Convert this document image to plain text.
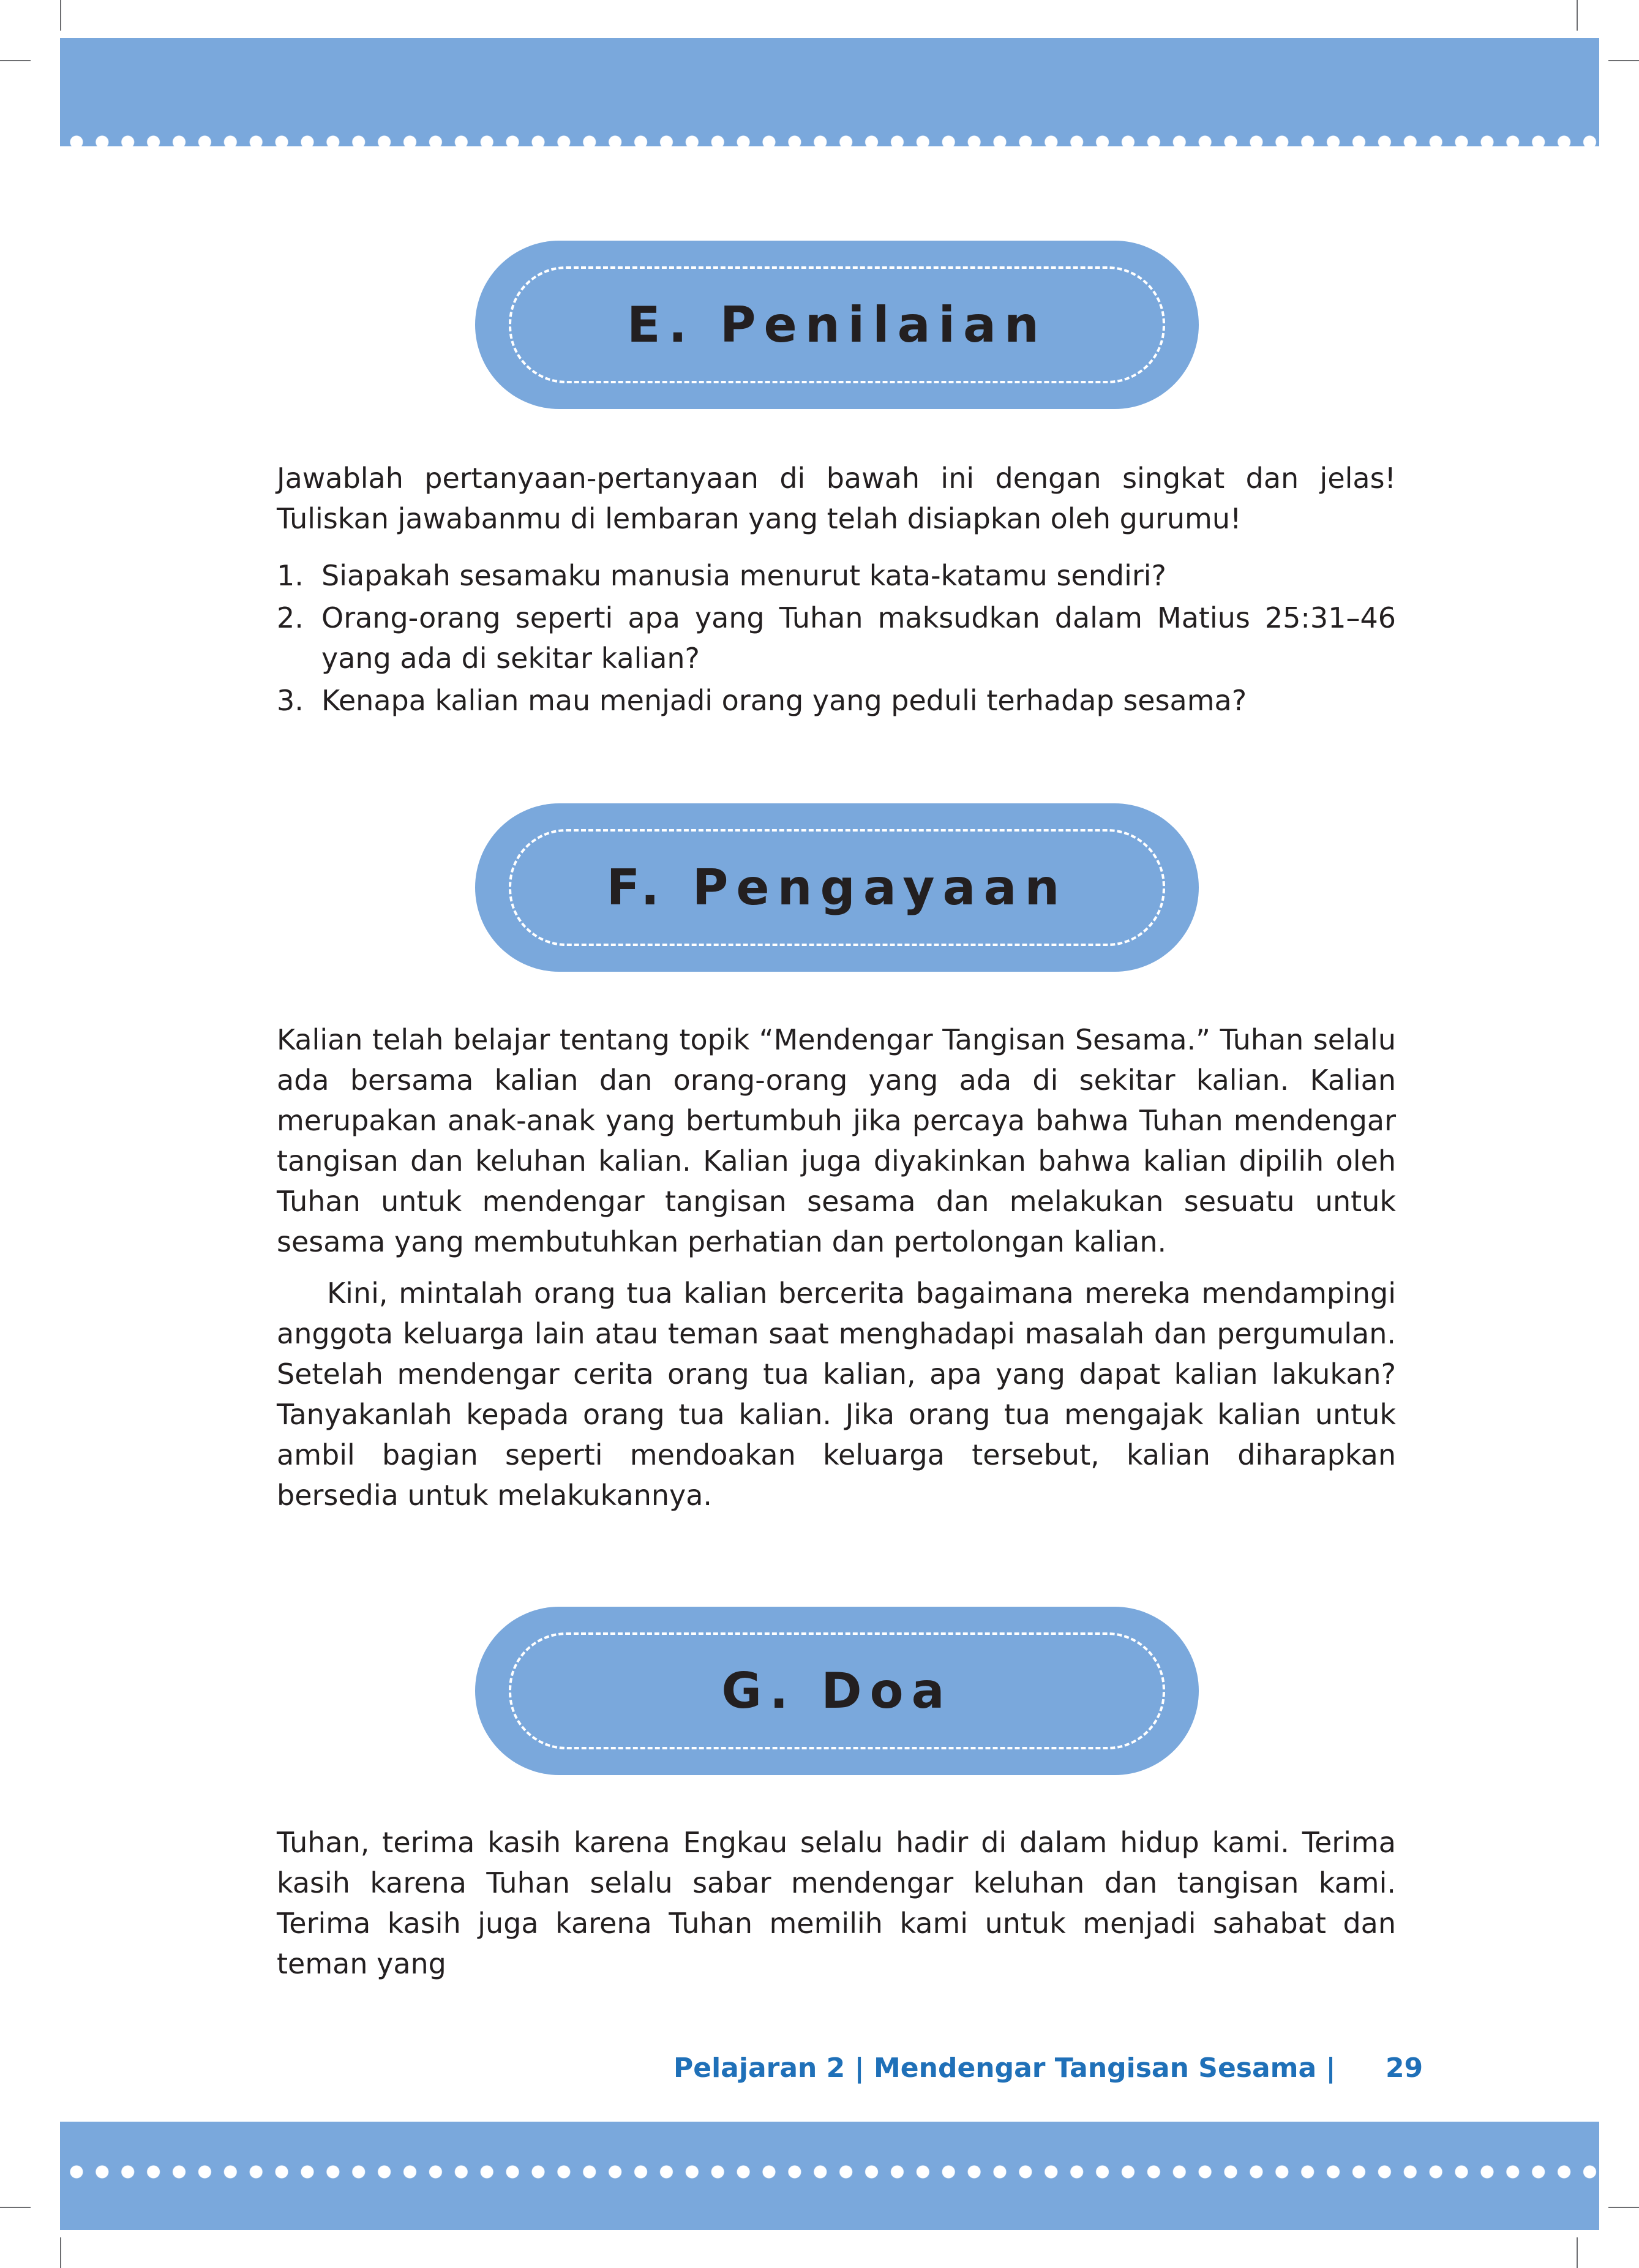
E. Penilaian

Jawablah pertanyaan-pertanyaan di bawah ini dengan singkat dan jelas! Tuliskan jawabanmu di lembaran yang telah disiapkan oleh gurumu!

1. Siapakah sesamaku manusia menurut kata-katamu sendiri?
2. Orang-orang seperti apa yang Tuhan maksudkan dalam Matius 25:31–46 yang ada di sekitar kalian?
3. Kenapa kalian mau menjadi orang yang peduli terhadap sesama?
F. Pengayaan

Kalian telah belajar tentang topik “Mendengar Tangisan Sesama.” Tuhan selalu ada bersama kalian dan orang-orang yang ada di sekitar kalian. Kalian merupakan anak-anak yang bertumbuh jika percaya bahwa Tuhan mendengar tangisan dan keluhan kalian. Kalian juga diyakinkan bahwa kalian dipilih oleh Tuhan untuk mendengar tangisan sesama dan melakukan sesuatu untuk sesama yang membutuhkan perhatian dan pertolongan kalian.

Kini, mintalah orang tua kalian bercerita bagaimana mereka mendampingi anggota keluarga lain atau teman saat menghadapi masalah dan pergumulan. Setelah mendengar cerita orang tua kalian, apa yang dapat kalian lakukan? Tanyakanlah kepada orang tua kalian. Jika orang tua mengajak kalian untuk ambil bagian seperti mendoakan keluarga tersebut, kalian diharapkan bersedia untuk melakukannya.

G. Doa

Tuhan, terima kasih karena Engkau selalu hadir di dalam hidup kami. Terima kasih karena Tuhan selalu sabar mendengar keluhan dan tangisan kami. Terima kasih juga karena Tuhan memilih kami untuk menjadi sahabat dan teman yang

Pelajaran 2 | Mendengar Tangisan Sesama | 29
